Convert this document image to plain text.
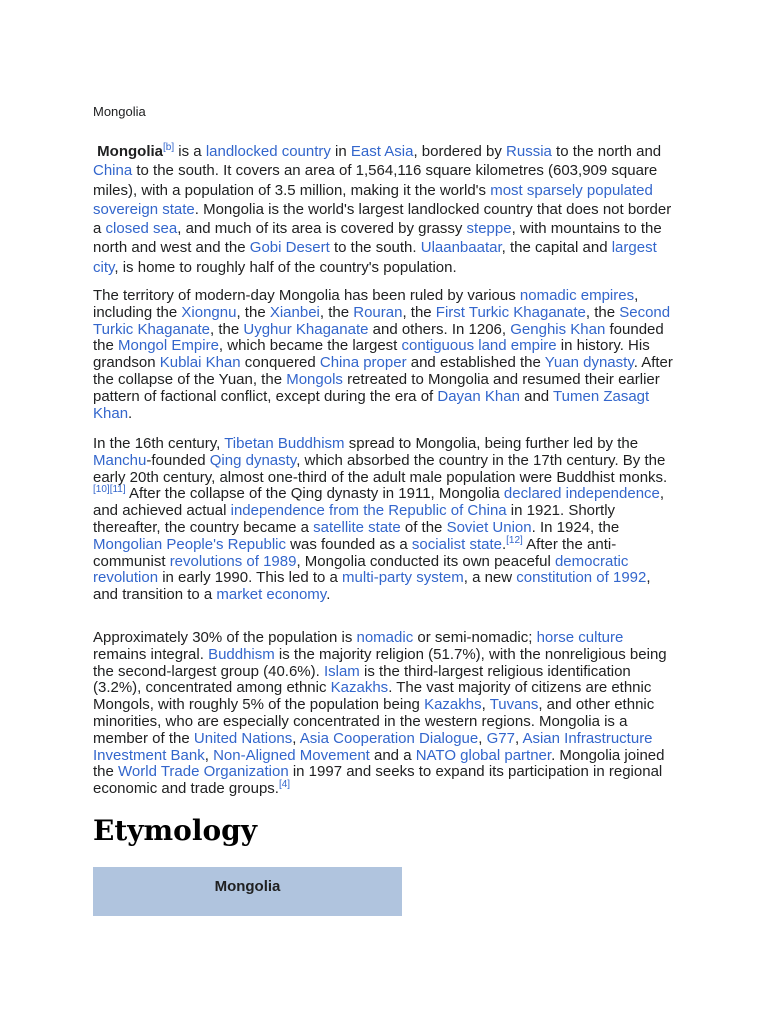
Mongolia

Mongolia[b] is a landlocked country in East Asia, bordered by Russia to the north and China to the south. It covers an area of 1,564,116 square kilometres (603,909 square miles), with a population of 3.5 million, making it the world's most sparsely populated sovereign state. Mongolia is the world's largest landlocked country that does not border a closed sea, and much of its area is covered by grassy steppe, with mountains to the north and west and the Gobi Desert to the south. Ulaanbaatar, the capital and largest city, is home to roughly half of the country's population.

The territory of modern-day Mongolia has been ruled by various nomadic empires, including the Xiongnu, the Xianbei, the Rouran, the First Turkic Khaganate, the Second Turkic Khaganate, the Uyghur Khaganate and others. In 1206, Genghis Khan founded the Mongol Empire, which became the largest contiguous land empire in history. His grandson Kublai Khan conquered China proper and established the Yuan dynasty. After the collapse of the Yuan, the Mongols retreated to Mongolia and resumed their earlier pattern of factional conflict, except during the era of Dayan Khan and Tumen Zasagt Khan.

In the 16th century, Tibetan Buddhism spread to Mongolia, being further led by the Manchu-founded Qing dynasty, which absorbed the country in the 17th century. By the early 20th century, almost one-third of the adult male population were Buddhist monks.[10][11] After the collapse of the Qing dynasty in 1911, Mongolia declared independence, and achieved actual independence from the Republic of China in 1921. Shortly thereafter, the country became a satellite state of the Soviet Union. In 1924, the Mongolian People's Republic was founded as a socialist state.[12] After the anti-communist revolutions of 1989, Mongolia conducted its own peaceful democratic revolution in early 1990. This led to a multi-party system, a new constitution of 1992, and transition to a market economy.

Approximately 30% of the population is nomadic or semi-nomadic; horse culture remains integral. Buddhism is the majority religion (51.7%), with the nonreligious being the second-largest group (40.6%). Islam is the third-largest religious identification (3.2%), concentrated among ethnic Kazakhs. The vast majority of citizens are ethnic Mongols, with roughly 5% of the population being Kazakhs, Tuvans, and other ethnic minorities, who are especially concentrated in the western regions. Mongolia is a member of the United Nations, Asia Cooperation Dialogue, G77, Asian Infrastructure Investment Bank, Non-Aligned Movement and a NATO global partner. Mongolia joined the World Trade Organization in 1997 and seeks to expand its participation in regional economic and trade groups.[4]

Etymology
Mongolia
